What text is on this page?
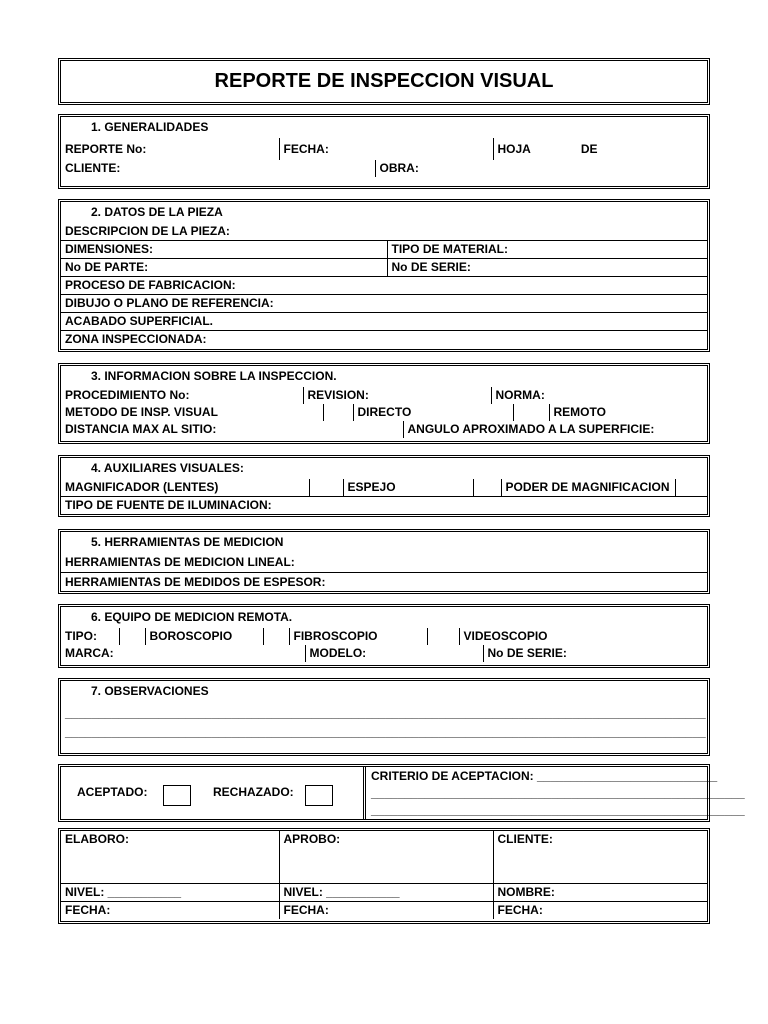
REPORTE DE INSPECCION VISUAL
1. GENERALIDADES
REPORTE No:	FECHA:	HOJA	DE
CLIENTE:	OBRA:
2. DATOS DE LA PIEZA
DESCRIPCION DE LA PIEZA:	
DIMENSIONES:	TIPO DE MATERIAL:
No DE PARTE:	No DE SERIE:
PROCESO DE FABRICACION:	
DIBUJO O PLANO DE REFERENCIA:	
ACABADO SUPERFICIAL.	
ZONA INSPECCIONADA:	
3. INFORMACION SOBRE LA INSPECCION.
PROCEDIMIENTO No:	REVISION:	NORMA:
METODO DE INSP. VISUAL		DIRECTO		REMOTO
DISTANCIA MAX AL SITIO:	ANGULO APROXIMADO A LA SUPERFICIE:
4. AUXILIARES VISUALES:
MAGNIFICADOR (LENTES)		ESPEJO		PODER DE MAGNIFICACION	
TIPO DE FUENTE DE ILUMINACION:
5. HERRAMIENTAS DE MEDICION
HERRAMIENTAS DE MEDICION LINEAL:
HERRAMIENTAS DE MEDIDOS DE ESPESOR:
6. EQUIPO DE MEDICION REMOTA.
TIPO:		BOROSCOPIO		FIBROSCOPIO		VIDEOSCOPIO
MARCA:	MODELO:	No DE SERIE:
7. OBSERVACIONES
________________________________________________________________________________________________
________________________________________________________________________________________________
ACEPTADO:	RECHAZADO:
CRITERIO DE ACEPTACION: ___________________________
________________________________________________________
________________________________________________________
ELABORO:	APROBO:	CLIENTE:
NIVEL: ___________	NIVEL: ___________	NOMBRE:
FECHA:	FECHA:	FECHA:
